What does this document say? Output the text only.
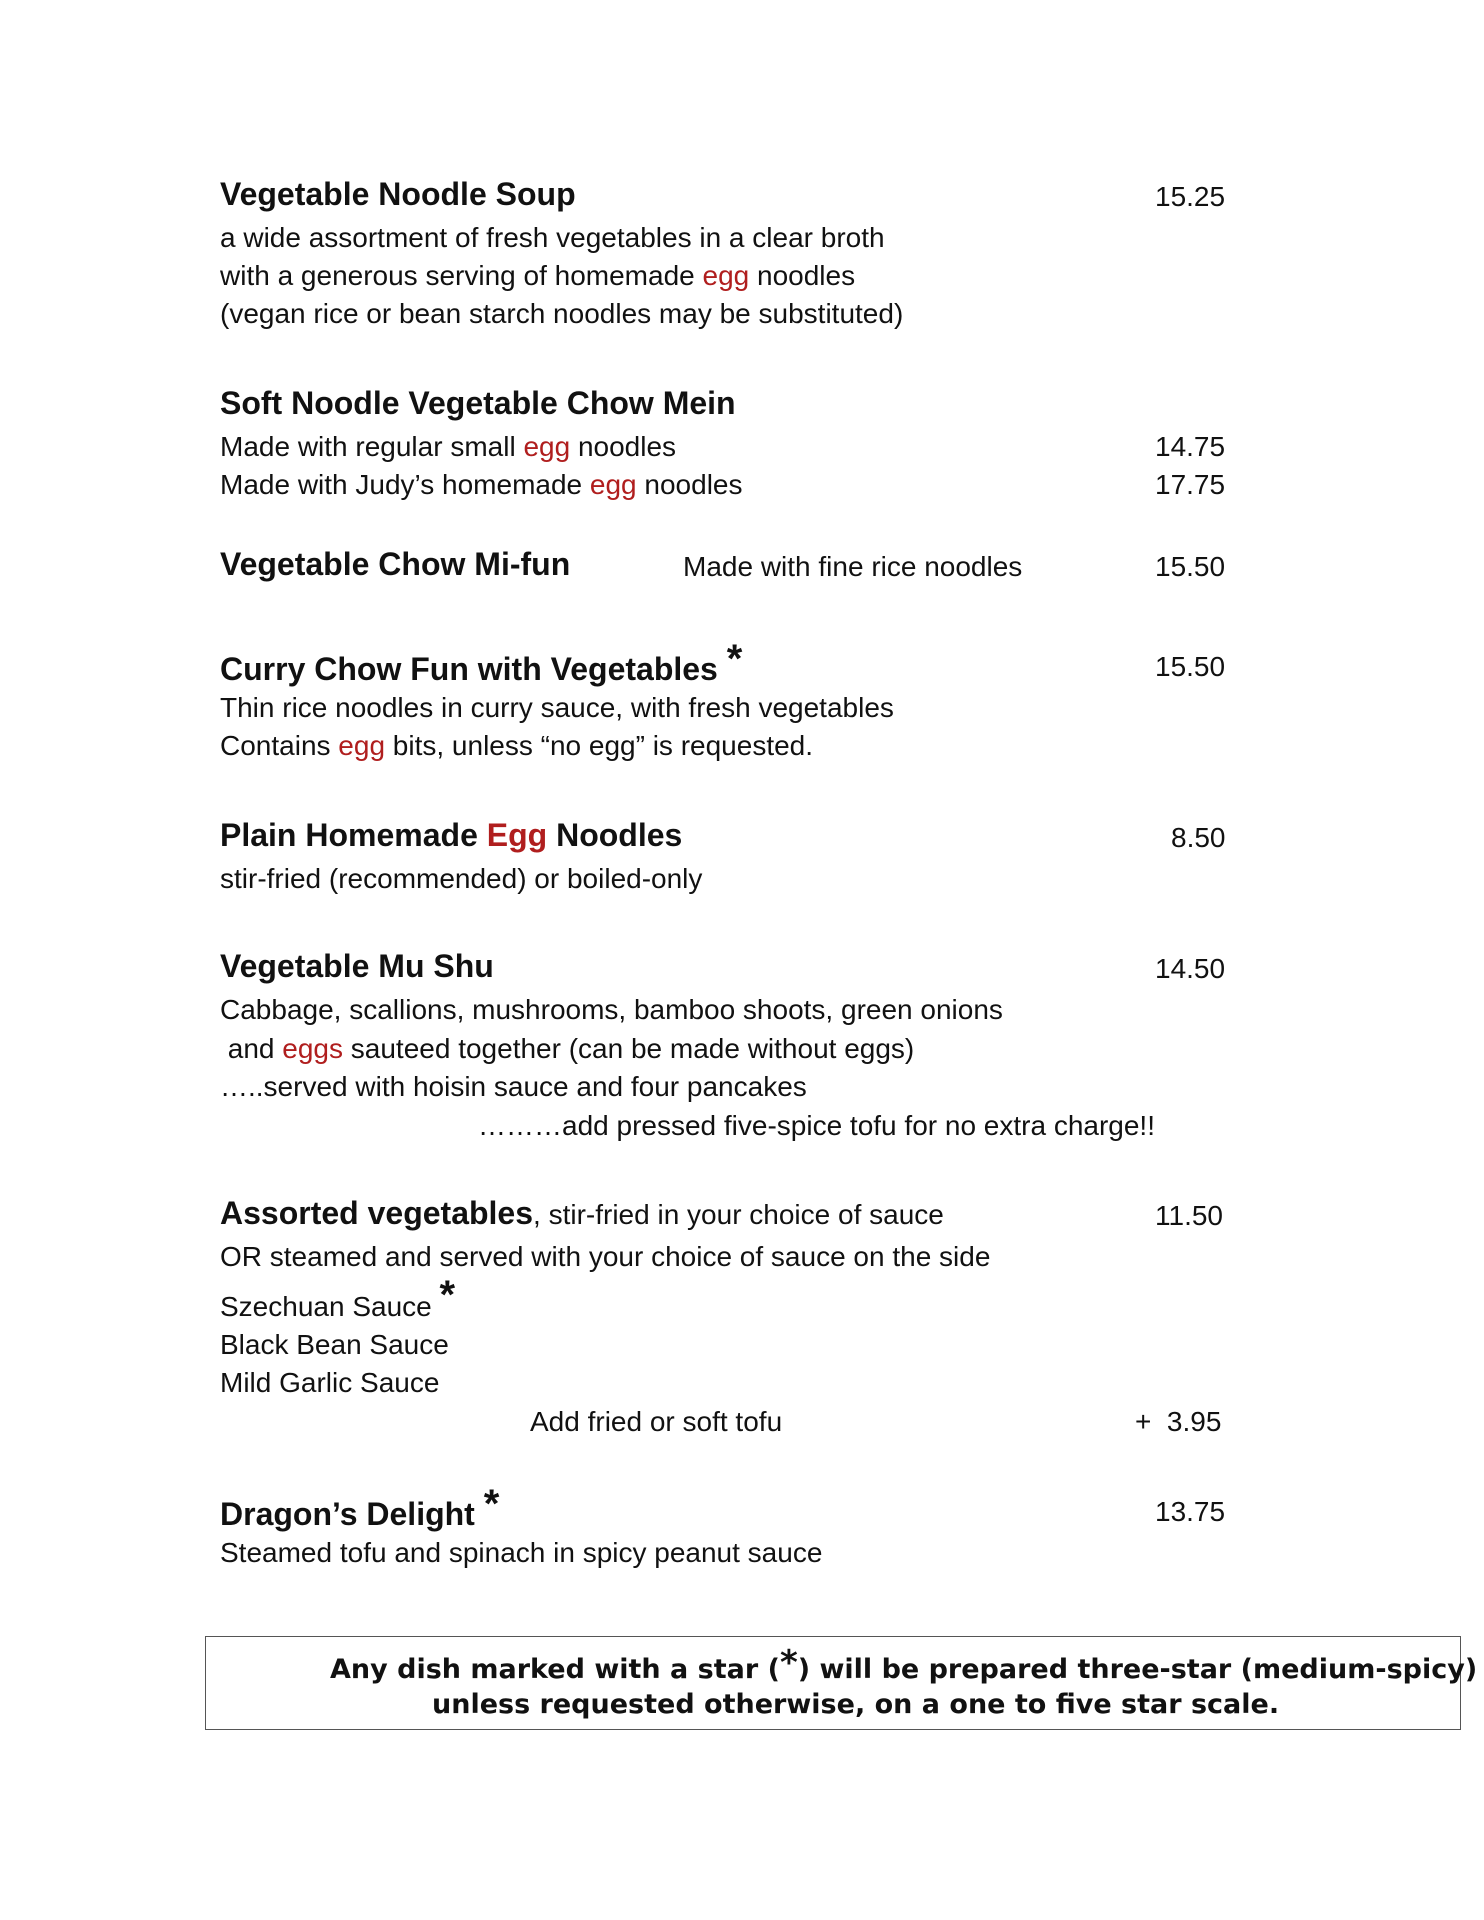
Vegetable Noodle Soup	15.25
a wide assortment of fresh vegetables in a clear broth
with a generous serving of homemade egg noodles
(vegan rice or bean starch noodles may be substituted)
Soft Noodle Vegetable Chow Mein
Made with regular small egg noodles	14.75
Made with Judy’s homemade egg noodles	17.75
Vegetable Chow Mi-fun	Made with fine rice noodles	15.50
Curry Chow Fun with Vegetables *	15.50
Thin rice noodles in curry sauce, with fresh vegetables
Contains egg bits, unless “no egg” is requested.
Plain Homemade Egg Noodles	8.50
stir-fried (recommended) or boiled-only
Vegetable Mu Shu	14.50
Cabbage, scallions, mushrooms, bamboo shoots, green onions
and eggs sauteed together (can be made without eggs)
…..served with hoisin sauce and four pancakes
………add pressed five-spice tofu for no extra charge!!
Assorted vegetables, stir-fried in your choice of sauce	11.50
OR steamed and served with your choice of sauce on the side
Szechuan Sauce *
Black Bean Sauce
Mild Garlic Sauce
Add fried or soft tofu	+  3.95
Dragon’s Delight *	13.75
Steamed tofu and spinach in spicy peanut sauce
Any dish marked with a star (*) will be prepared three-star (medium-spicy)
unless requested otherwise, on a one to five star scale.
